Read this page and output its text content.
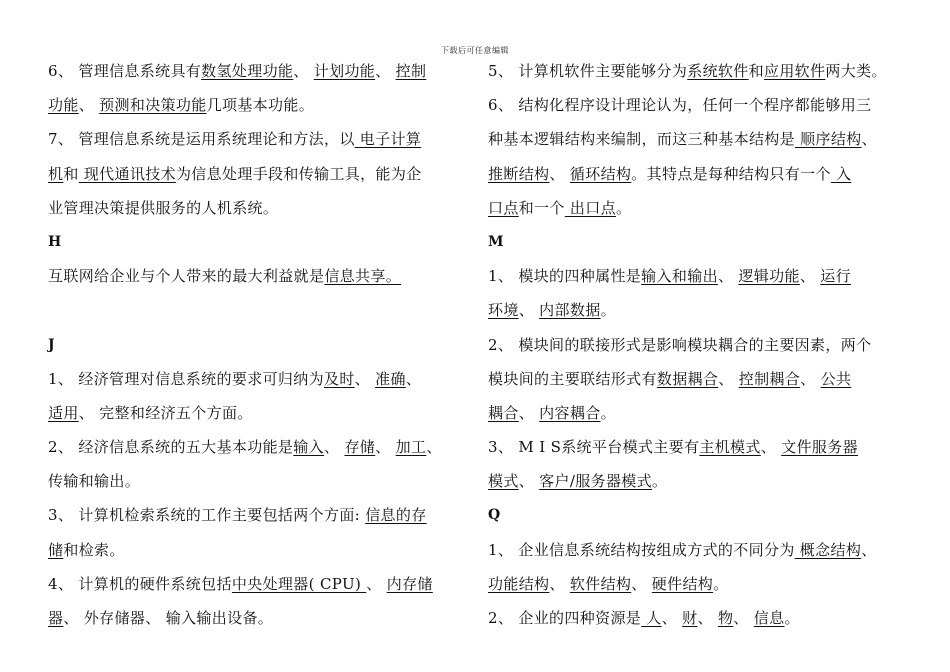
下载后可任意编辑
6、 管理信息系统具有数氢处理功能、 计划功能、 控制
功能、 预测和决策功能几项基本功能。
7、 管理信息系统是运用系统理论和方法，以 电子计算
机和 现代通讯技术为信息处理手段和传输工具，能为企
业管理决策提供服务的人机系统。
H
互联网给企业与个人带来的最大利益就是信息共享。
J
1、 经济管理对信息系统的要求可归纳为及时、 准确、
适用、 完整和经济五个方面。
2、 经济信息系统的五大基本功能是输入、 存储、 加工、
传输和输出。
3、 计算机检索系统的工作主要包括两个方面: 信息的存
储和检索。
4、 计算机的硬件系统包括中央处理器( CPU) 、 内存储
器、 外存储器、 输入输出设备。
5、 计算机软件主要能够分为系统软件和应用软件两大类。
6、 结构化程序设计理论认为，任何一个程序都能够用三
种基本逻辑结构来编制，而这三种基本结构是 顺序结构、
推断结构、 循环结构。其特点是每种结构只有一个 入
口点和一个 出口点。
M
1、 模块的四种属性是输入和输出、 逻辑功能、 运行
环境、 内部数据。
2、 模块间的联接形式是影响模块耦合的主要因素，两个
模块间的主要联结形式有数据耦合、 控制耦合、 公共
耦合、 内容耦合。
3、 M I S系统平台模式主要有主机模式、 文件服务器
模式、 客户/服务器模式。
Q
1、 企业信息系统结构按组成方式的不同分为 概念结构、
功能结构、 软件结构、 硬件结构。
2、 企业的四种资源是 人、 财、 物、 信息。
